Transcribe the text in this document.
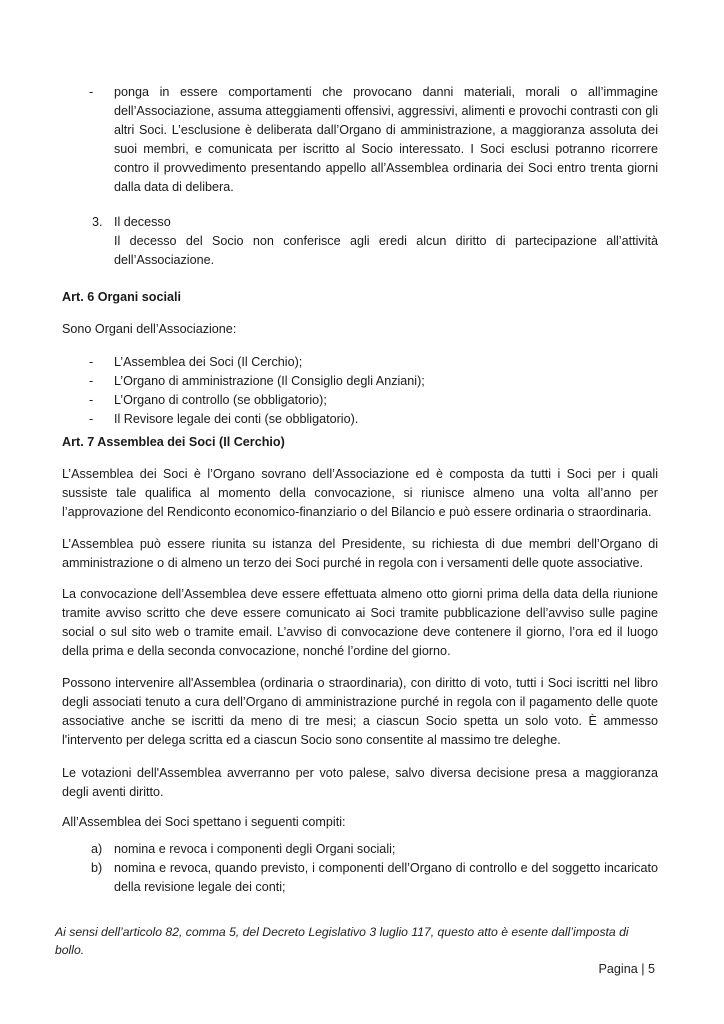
- ponga in essere comportamenti che provocano danni materiali, morali o all’immagine dell’Associazione, assuma atteggiamenti offensivi, aggressivi, alimenti e provochi contrasti con gli altri Soci. L’esclusione è deliberata dall’Organo di amministrazione, a maggioranza assoluta dei suoi membri, e comunicata per iscritto al Socio interessato. I Soci esclusi potranno ricorrere contro il provvedimento presentando appello all’Assemblea ordinaria dei Soci entro trenta giorni dalla data di delibera.
3. Il decesso
Il decesso del Socio non conferisce agli eredi alcun diritto di partecipazione all’attività dell’Associazione.

Art. 6 Organi sociali

Sono Organi dell’Associazione:

- L’Assemblea dei Soci (Il Cerchio);
- L’Organo di amministrazione (Il Consiglio degli Anziani);
- L’Organo di controllo (se obbligatorio);
- Il Revisore legale dei conti (se obbligatorio).

Art. 7 Assemblea dei Soci (Il Cerchio)

L’Assemblea dei Soci è l’Organo sovrano dell’Associazione ed è composta da tutti i Soci per i quali sussiste tale qualifica al momento della convocazione, si riunisce almeno una volta all’anno per l’approvazione del Rendiconto economico-finanziario o del Bilancio e può essere ordinaria o straordinaria.

L’Assemblea può essere riunita su istanza del Presidente, su richiesta di due membri dell’Organo di amministrazione o di almeno un terzo dei Soci purché in regola con i versamenti delle quote associative.

La convocazione dell’Assemblea deve essere effettuata almeno otto giorni prima della data della riunione tramite avviso scritto che deve essere comunicato ai Soci tramite pubblicazione dell’avviso sulle pagine social o sul sito web o tramite email. L’avviso di convocazione deve contenere il giorno, l’ora ed il luogo della prima e della seconda convocazione, nonché l’ordine del giorno.

Possono intervenire all'Assemblea (ordinaria o straordinaria), con diritto di voto, tutti i Soci iscritti nel libro degli associati tenuto a cura dell’Organo di amministrazione purché in regola con il pagamento delle quote associative anche se iscritti da meno di tre mesi; a ciascun Socio spetta un solo voto. È ammesso l'intervento per delega scritta ed a ciascun Socio sono consentite al massimo tre deleghe.

Le votazioni dell'Assemblea avverranno per voto palese, salvo diversa decisione presa a maggioranza degli aventi diritto.

All’Assemblea dei Soci spettano i seguenti compiti:

a) nomina e revoca i componenti degli Organi sociali;
b) nomina e revoca, quando previsto, i componenti dell’Organo di controllo e del soggetto incaricato della revisione legale dei conti;
Ai sensi dell’articolo 82, comma 5, del Decreto Legislativo 3 luglio 117, questo atto è esente dall’imposta di bollo.
Pagina | 5
